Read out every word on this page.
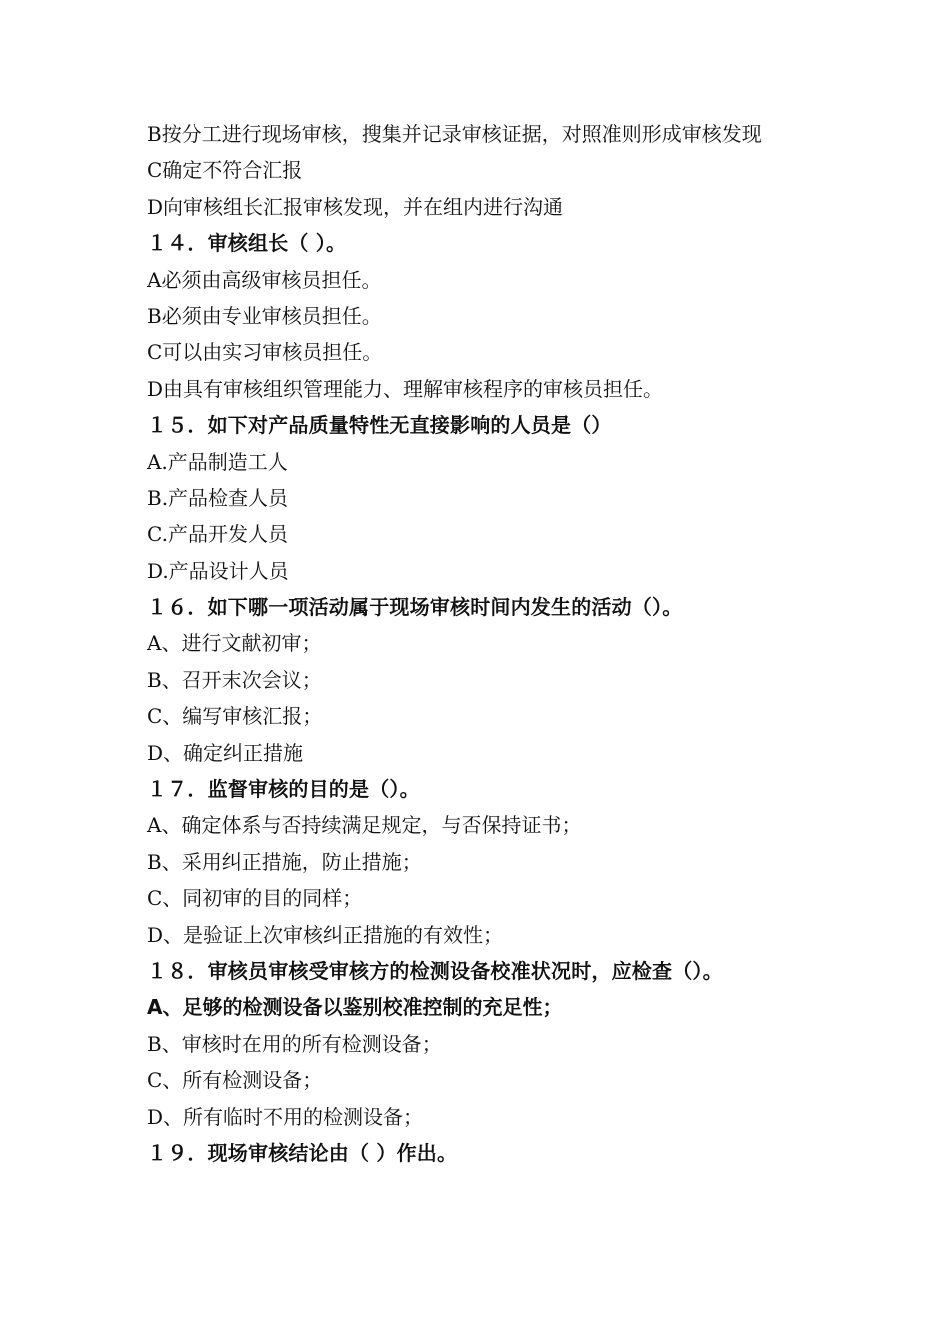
B按分工进行现场审核，搜集并记录审核证据，对照准则形成审核发现
C确定不符合汇报
D向审核组长汇报审核发现，并在组内进行沟通
１４．审核组长（ ）。
A必须由高级审核员担任。
B必须由专业审核员担任。
C可以由实习审核员担任。
D由具有审核组织管理能力、理解审核程序的审核员担任。
１５．如下对产品质量特性无直接影响的人员是（）
A.产品制造工人
B.产品检查人员
C.产品开发人员
D.产品设计人员
１６．如下哪一项活动属于现场审核时间内发生的活动（）。
A、进行文献初审；
B、召开末次会议；
C、编写审核汇报；
D、确定纠正措施
１７．监督审核的目的是（）。
A、确定体系与否持续满足规定，与否保持证书；
B、采用纠正措施，防止措施；
C、同初审的目的同样；
D、是验证上次审核纠正措施的有效性；
１８．审核员审核受审核方的检测设备校准状况时，应检查（）。
A、足够的检测设备以鉴别校准控制的充足性；
B、审核时在用的所有检测设备；
C、所有检测设备；
D、所有临时不用的检测设备；
１９．现场审核结论由（ ）作出。
